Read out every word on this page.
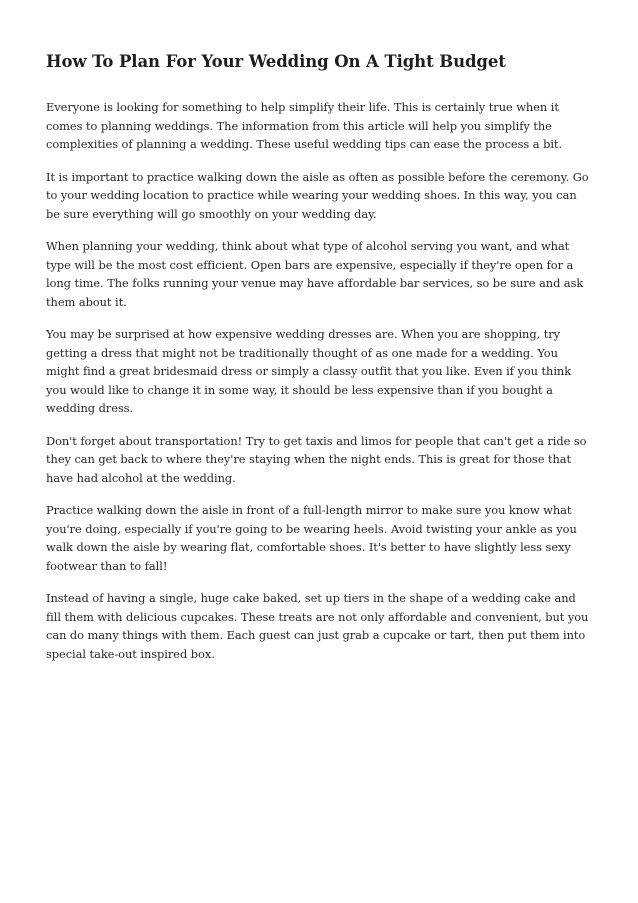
How To Plan For Your Wedding On A Tight Budget

Everyone is looking for something to help simplify their life. This is certainly true when it comes to planning weddings. The information from this article will help you simplify the complexities of planning a wedding. These useful wedding tips can ease the process a bit.

It is important to practice walking down the aisle as often as possible before the ceremony. Go to your wedding location to practice while wearing your wedding shoes. In this way, you can be sure everything will go smoothly on your wedding day.

When planning your wedding, think about what type of alcohol serving you want, and what type will be the most cost efficient. Open bars are expensive, especially if they're open for a long time. The folks running your venue may have affordable bar services, so be sure and ask them about it.

You may be surprised at how expensive wedding dresses are. When you are shopping, try getting a dress that might not be traditionally thought of as one made for a wedding. You might find a great bridesmaid dress or simply a classy outfit that you like. Even if you think you would like to change it in some way, it should be less expensive than if you bought a wedding dress.

Don't forget about transportation! Try to get taxis and limos for people that can't get a ride so they can get back to where they're staying when the night ends. This is great for those that have had alcohol at the wedding.

Practice walking down the aisle in front of a full-length mirror to make sure you know what you're doing, especially if you're going to be wearing heels. Avoid twisting your ankle as you walk down the aisle by wearing flat, comfortable shoes. It's better to have slightly less sexy footwear than to fall!

Instead of having a single, huge cake baked, set up tiers in the shape of a wedding cake and fill them with delicious cupcakes. These treats are not only affordable and convenient, but you can do many things with them. Each guest can just grab a cupcake or tart, then put them into special take-out inspired box.
